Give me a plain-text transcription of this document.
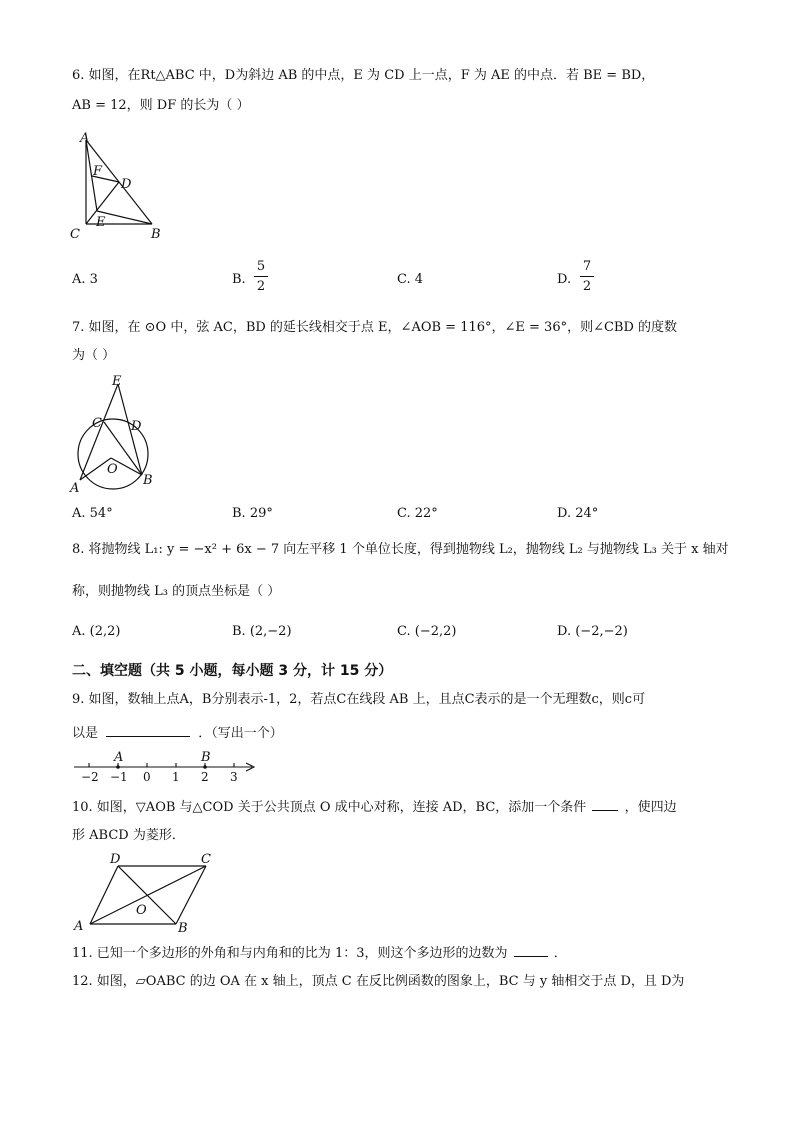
6. 如图，在Rt△ABC 中，D为斜边 AB 的中点，E 为 CD 上一点，F 为 AE 的中点．若 BE = BD，
AB = 12，则 DF 的长为（ ）
A
F
D
E
C	B
A. 3	B.
5
2	C. 4	D.
7
2
7. 如图，在 ⊙O 中，弦 AC，BD 的延长线相交于点 E，∠AOB = 116°，∠E = 36°，则∠CBD 的度数
为（ ）
E
C D
O
A
B
A. 54°	B. 29°	C. 22°	D. 24°
8. 将抛物线 L₁: y = −x² + 6x − 7 向左平移 1 个单位长度，得到抛物线 L₂，抛物线 L₂ 与抛物线 L₃ 关于 x 轴对
称，则抛物线 L₃ 的顶点坐标是（ ）
A. (2,2)	B. (2,−2)	C. (−2,2)	D. (−2,−2)
二、填空题（共 5 小题，每小题 3 分，计 15 分）
9. 如图，数轴上点A，B分别表示-1，2，若点C在线段 AB 上，且点C表示的是一个无理数c，则c可
以是	．（写出一个）
A	B
−2 −1 0 1 2 3
10. 如图，▽AOB 与△COD 关于公共顶点 O 成中心对称，连接 AD，BC，添加一个条件	，使四边
形 ABCD 为菱形．
D	C
O
A	B
11. 已知一个多边形的外角和与内角和的比为 1：3，则这个多边形的边数为	．
12. 如图，▱OABC 的边 OA 在 x 轴上，顶点 C 在反比例函数的图象上，BC 与 y 轴相交于点 D，且 D为
